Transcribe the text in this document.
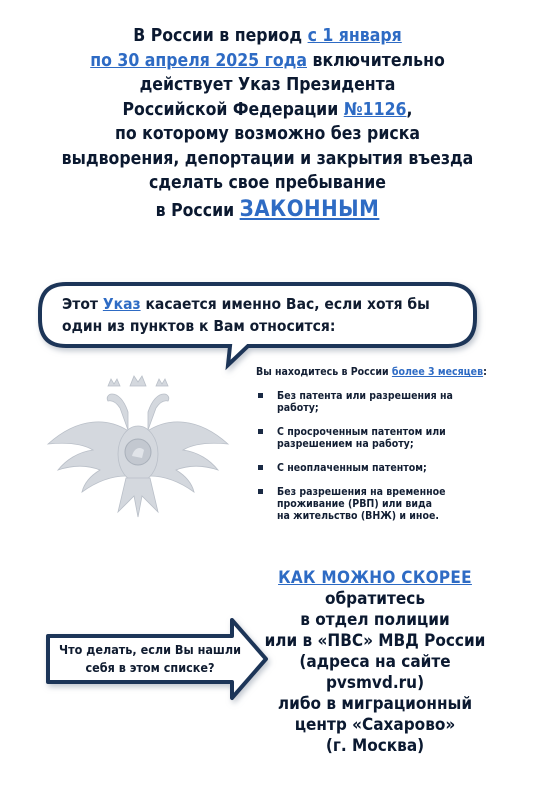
В России в период с 1 января
по 30 апреля 2025 года включительно
действует Указ Президента
Российской Федерации №1126,
по которому возможно без риска
выдворения, депортации и закрытия въезда
сделать свое пребывание
в России ЗАКОННЫМ
Этот Указ касается именно Вас, если хотя бы
один из пунктов к Вам относится:
Вы находитесь в России более 3 месяцев:
Без патента или разрешения на
работу;
С просроченным патентом или
разрешением на работу;
С неоплаченным патентом;
Без разрешения на временное
проживание (РВП) или вида
на жительство (ВНЖ) и иное.
Что делать, если Вы нашли
себя в этом списке?
КАК МОЖНО СКОРЕЕ
обратитесь
в отдел полиции
или в «ПВС» МВД России
(адреса на сайте
pvsmvd.ru)
либо в миграционный
центр «Сахарово»
(г. Москва)
